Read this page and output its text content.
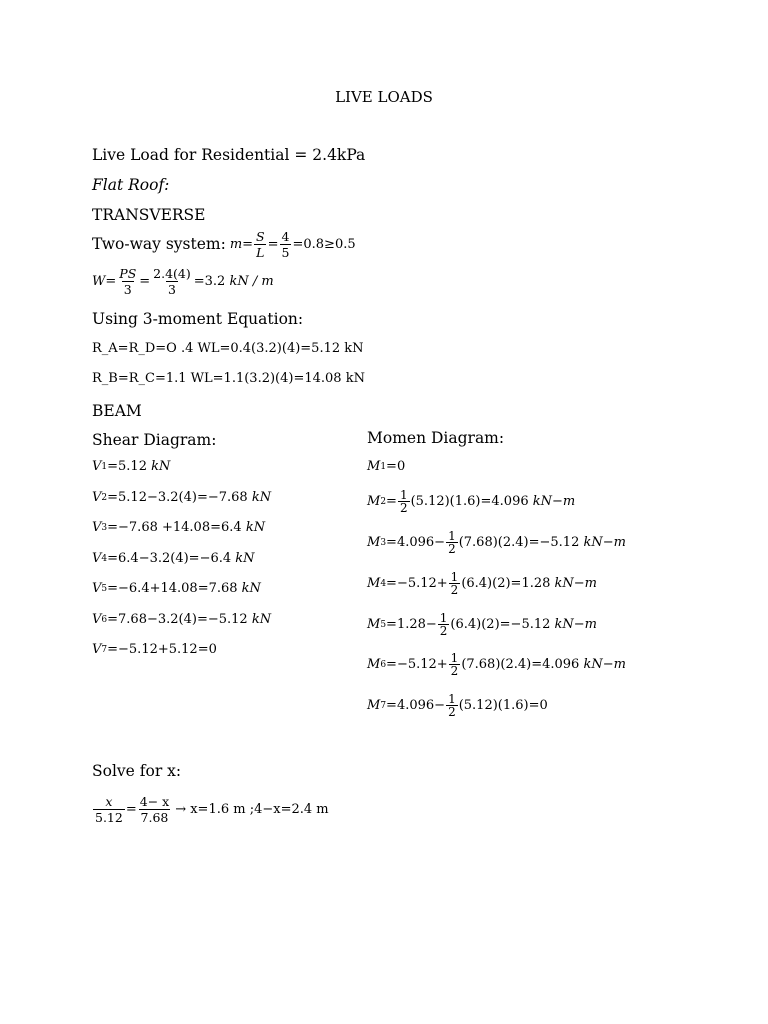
LIVE LOADS
Live Load for Residential = 2.4kPa
Flat Roof:
TRANSVERSE
Two-way system: $m = \frac{S}{L} = \frac{4}{5} =0.8\ge 0.5$
$W = \frac{PS}{3} = \frac{2.4(4)}{3} =3.2$
kN / m
Using 3-moment Equation:
R_A=R_D=O .4 WL=0.4(3.2)(4)=5.12 kN
R_B=R_C=1.1 WL=1.1(3.2)(4)=14.08 kN
BEAM
Shear Diagram:	Momen Diagram:
V 1 =5.12
kN
V 2 =5.12−3.2(4)=−7.68
kN
V 3 =−7.68 +14.08=6.4
kN
V 4 =6.4−3.2(4)=−6.4
kN
V 5 =−6.4+14.08=7.68
kN
V 6 =7.68−3.2(4)=−5.12
kN
V 7 =−5.12+5.12=0
M 1 =0
M $2 = \frac{1}{2} (5.12)(1.6)=4.096$
kN−m
M $3 =4.096- \frac{1}{2} (7.68)(2.4)=-5.12$
kN−m
M $4 =-5.12+ \frac{1}{2} (6.4)(2)=1.28$
kN−m
M $5 =1.28- \frac{1}{2} (6.4)(2)=-5.12$
kN−m
M $6 =-5.12+ \frac{1}{2} (7.68)(2.4)=4.096$
kN−m
M $7 =4.096- \frac{1}{2} (5.12)(1.6)=0$
Solve for x:
$\frac{x}{5.12} = \frac{4- x}{7.68} \to x=1.6$ m ;4−x=2.4 m
